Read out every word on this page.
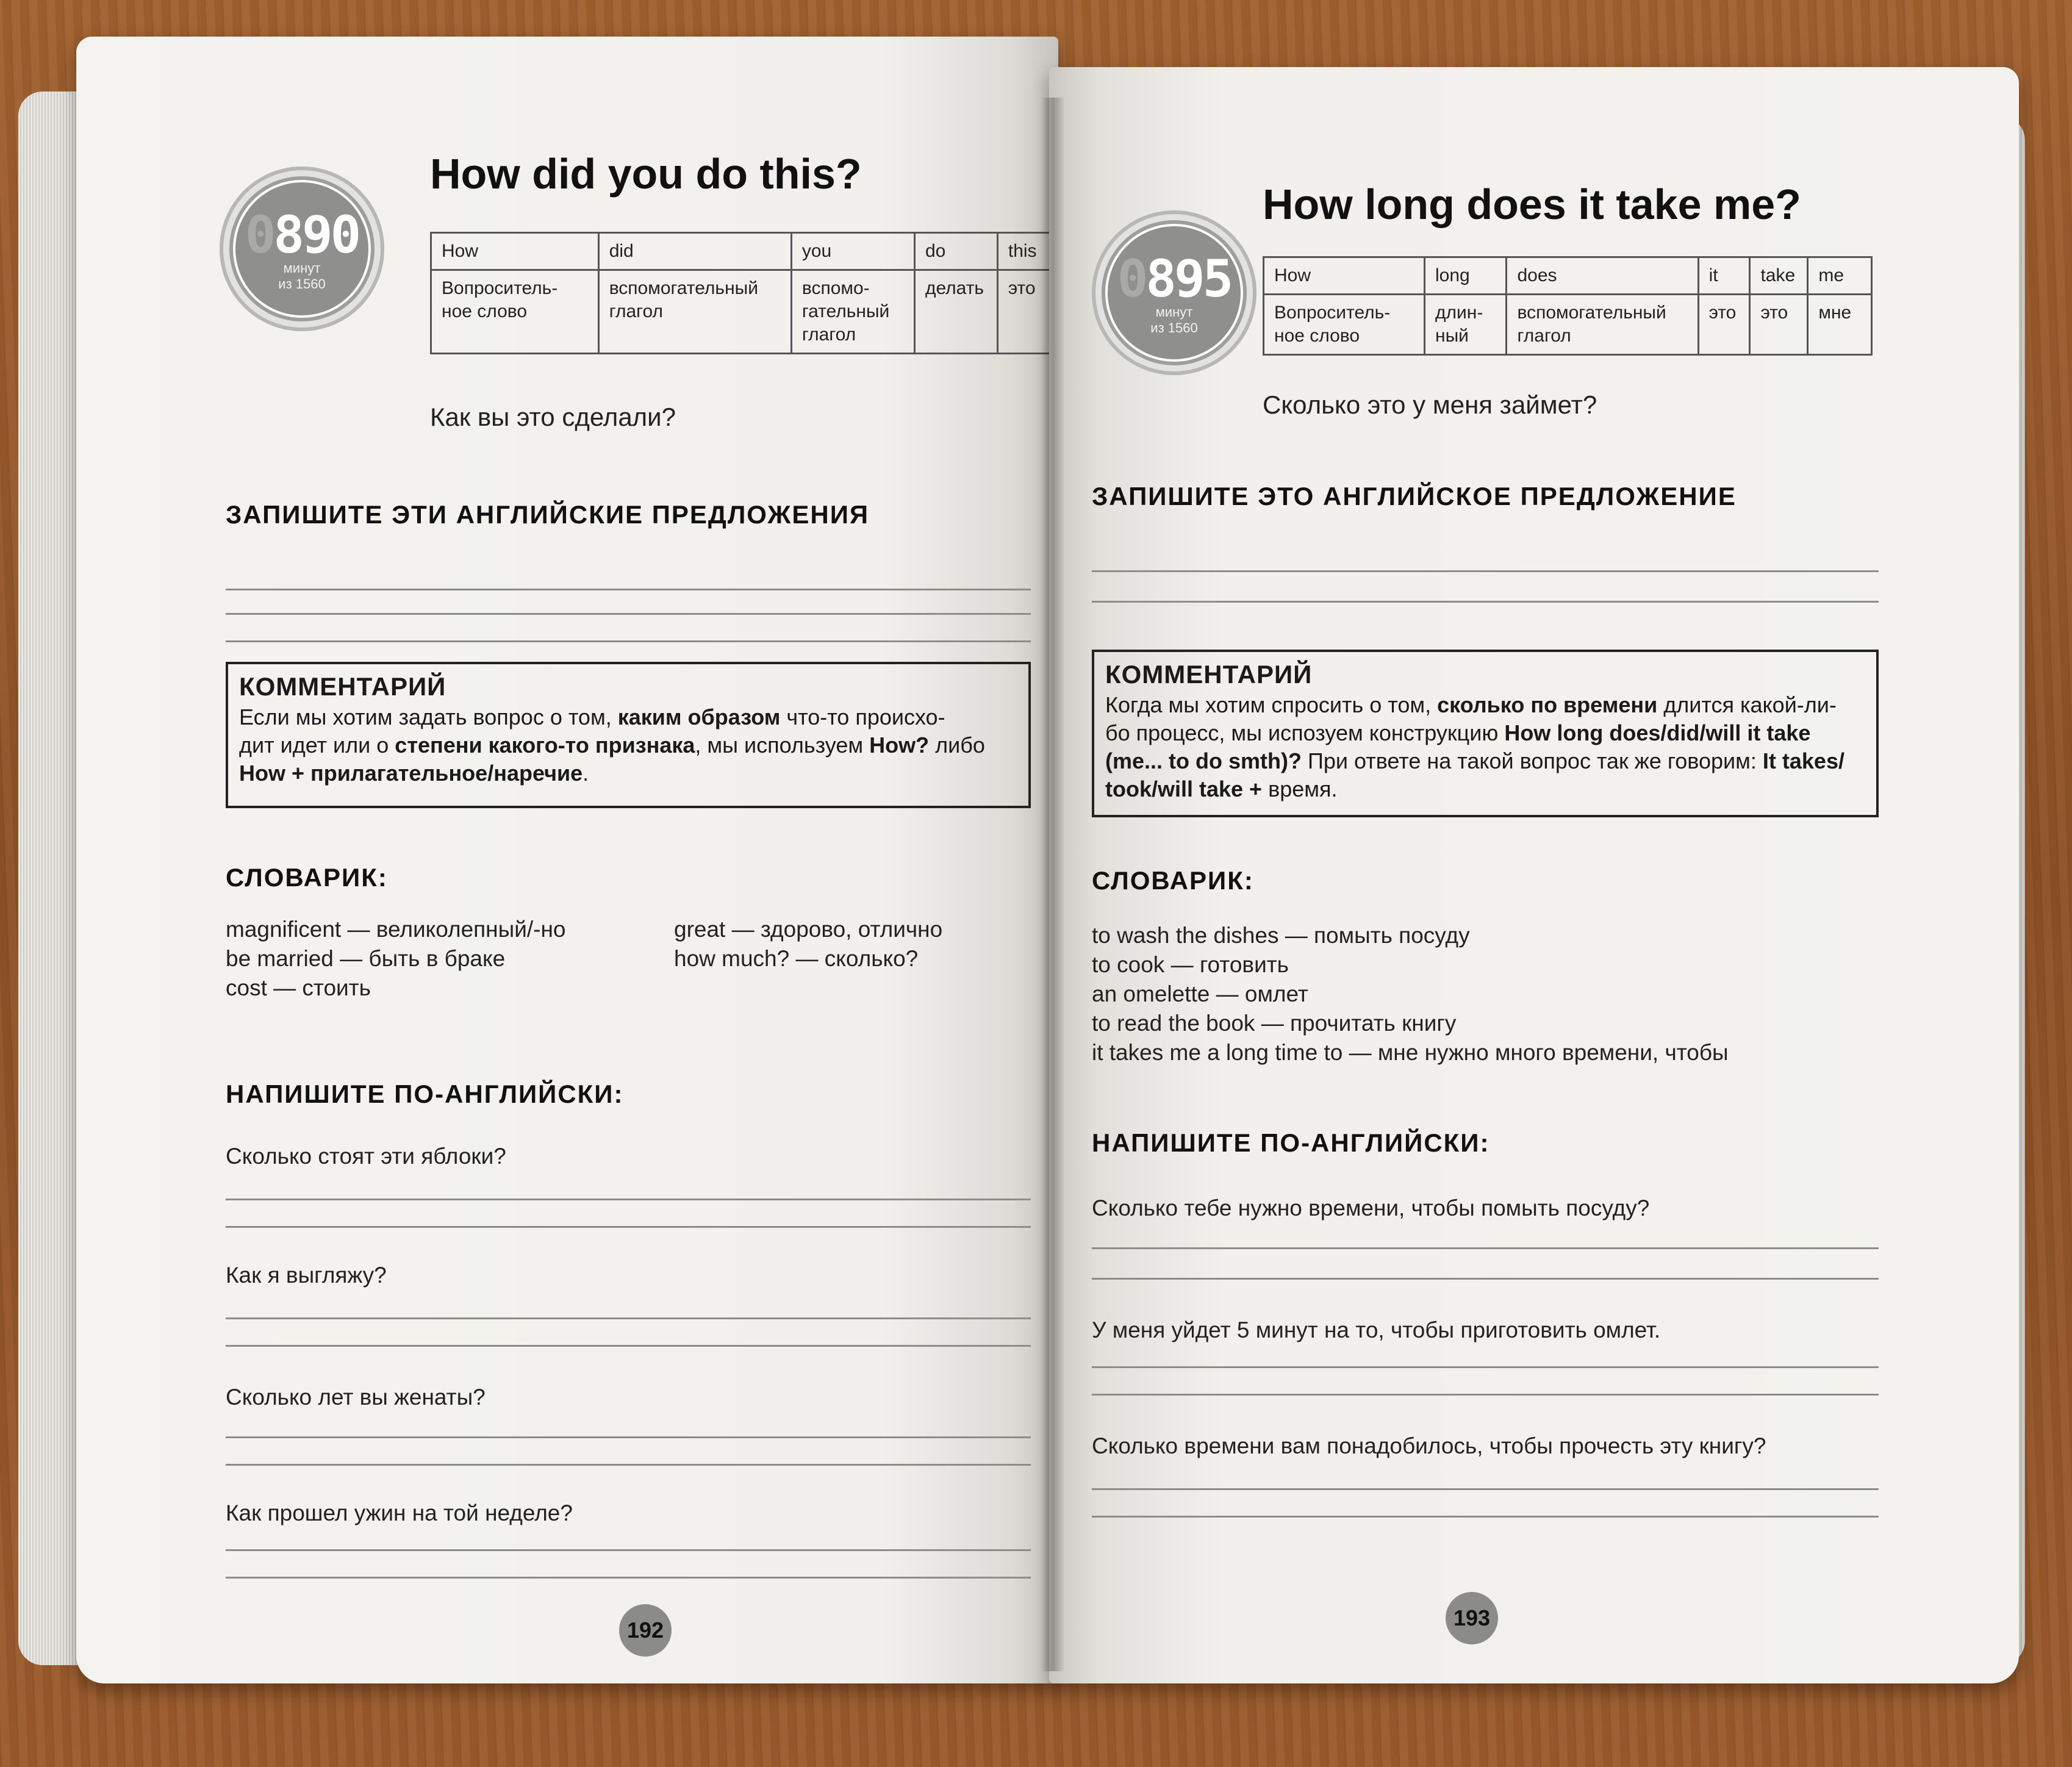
0890
минут
из 1560
How did you do this?
How	did	you	do	this
Вопроситель-ное слово	вспомогательный глагол	вспомо-гательный глагол	делать	это
Как вы это сделали?
ЗАПИШИТЕ ЭТИ АНГЛИЙСКИЕ ПРЕДЛОЖЕНИЯ
КОММЕНТАРИЙ
Если мы хотим задать вопрос о том, каким образом что-то происхо-
дит идет или о степени какого-то признака, мы используем How? либо
How + прилагательное/наречие.
СЛОВАРИК:
magnificent — великолепный/-но
be married — быть в браке
cost — стоить
great — здорово, отлично
how much? — сколько?
НАПИШИТЕ ПО-АНГЛИЙСКИ:
Сколько стоят эти яблоки?
Как я выгляжу?
Сколько лет вы женаты?
Как прошел ужин на той неделе?
192
0895
минут
из 1560
How long does it take me?
How	long	does	it	take	me
Вопроситель-ное слово	длин-ный	вспомогательный глагол	это	это	мне
Сколько это у меня займет?
ЗАПИШИТЕ ЭТО АНГЛИЙСКОЕ ПРЕДЛОЖЕНИЕ
КОММЕНТАРИЙ
Когда мы хотим спросить о том, сколько по времени длится какой-ли-
бо процесс, мы испозуем конструкцию How long does/did/will it take
(me... to do smth)? При ответе на такой вопрос так же говорим: It takes/
took/will take + время.
СЛОВАРИК:
to wash the dishes — помыть посуду
to cook — готовить
an omelette — омлет
to read the book — прочитать книгу
it takes me a long time to — мне нужно много времени, чтобы
НАПИШИТЕ ПО-АНГЛИЙСКИ:
Сколько тебе нужно времени, чтобы помыть посуду?
У меня уйдет 5 минут на то, чтобы приготовить омлет.
Сколько времени вам понадобилось, чтобы прочесть эту книгу?
193
